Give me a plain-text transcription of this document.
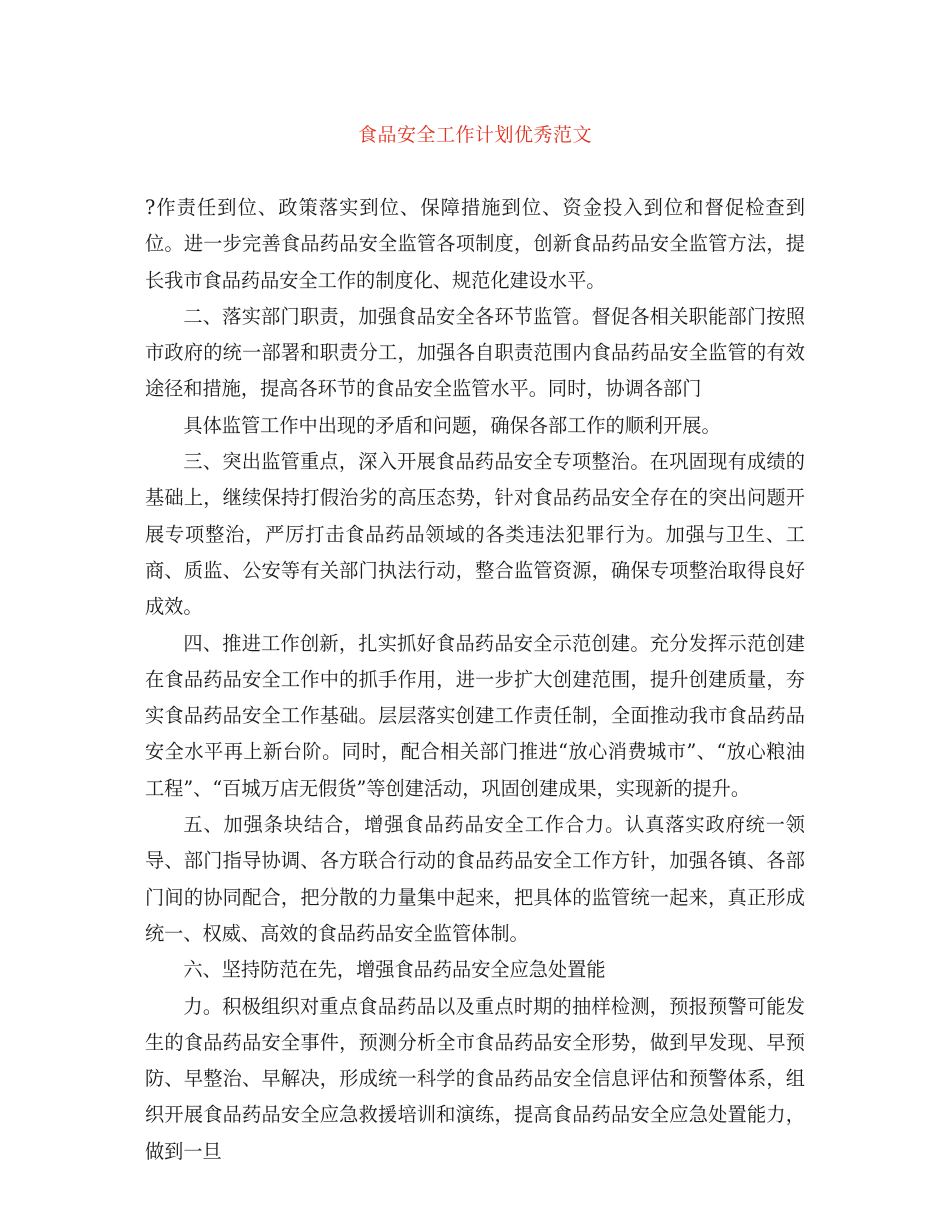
食品安全工作计划优秀范文

?作责任到位、政策落实到位、保障措施到位、资金投入到位和督促检查到位。进一步完善食品药品安全监管各项制度，创新食品药品安全监管方法，提长我市食品药品安全工作的制度化、规范化建设水平。

二、落实部门职责，加强食品安全各环节监管。督促各相关职能部门按照市政府的统一部署和职责分工，加强各自职责范围内食品药品安全监管的有效途径和措施，提高各环节的食品安全监管水平。同时，协调各部门

具体监管工作中出现的矛盾和问题，确保各部工作的顺利开展。

三、突出监管重点，深入开展食品药品安全专项整治。在巩固现有成绩的基础上，继续保持打假治劣的高压态势，针对食品药品安全存在的突出问题开展专项整治，严厉打击食品药品领域的各类违法犯罪行为。加强与卫生、工商、质监、公安等有关部门执法行动，整合监管资源，确保专项整治取得良好成效。

四、推进工作创新，扎实抓好食品药品安全示范创建。充分发挥示范创建在食品药品安全工作中的抓手作用，进一步扩大创建范围，提升创建质量，夯实食品药品安全工作基础。层层落实创建工作责任制，全面推动我市食品药品安全水平再上新台阶。同时，配合相关部门推进“放心消费城市”、“放心粮油工程”、“百城万店无假货”等创建活动，巩固创建成果，实现新的提升。

五、加强条块结合，增强食品药品安全工作合力。认真落实政府统一领导、部门指导协调、各方联合行动的食品药品安全工作方针，加强各镇、各部门间的协同配合，把分散的力量集中起来，把具体的监管统一起来，真正形成统一、权威、高效的食品药品安全监管体制。

六、坚持防范在先，增强食品药品安全应急处置能

力。积极组织对重点食品药品以及重点时期的抽样检测，预报预警可能发生的食品药品安全事件，预测分析全市食品药品安全形势，做到早发现、早预防、早整治、早解决，形成统一科学的食品药品安全信息评估和预警体系，组织开展食品药品安全应急救援培训和演练，提高食品药品安全应急处置能力，做到一旦
